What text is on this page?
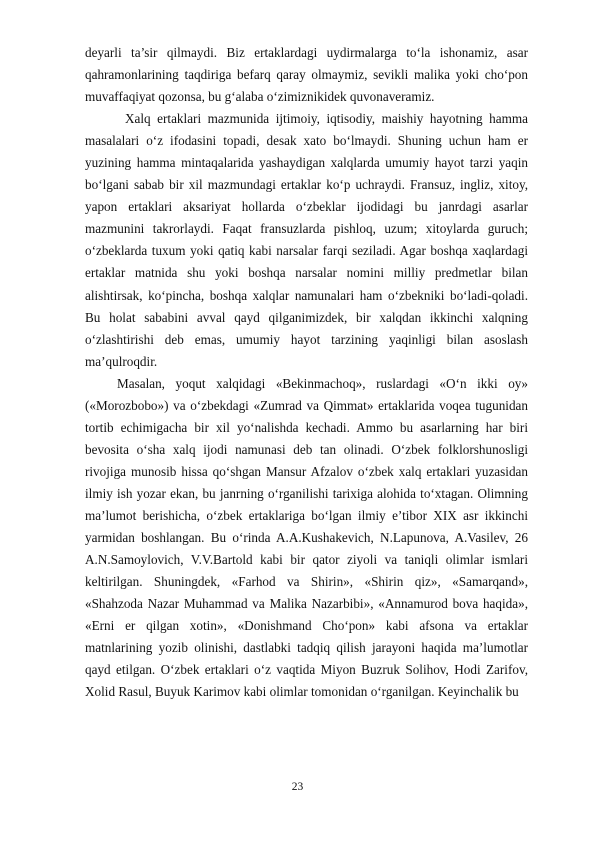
deyarli ta’sir qilmaydi. Biz ertaklardagi uydirmalarga to‘la ishonamiz, asar qahramonlarining taqdiriga befarq qaray olmaymiz, sevikli malika yoki cho‘pon muvaffaqiyat qozonsa, bu g‘alaba o‘zimiznikidek quvonaveramiz.

Xalq ertaklari mazmunida ijtimoiy, iqtisodiy, maishiy hayotning hamma masalalari o‘z ifodasini topadi, desak xato bo‘lmaydi. Shuning uchun ham er yuzining hamma mintaqalarida yashaydigan xalqlarda umumiy hayot tarzi yaqin bo‘lgani sabab bir xil mazmundagi ertaklar ko‘p uchraydi. Fransuz, ingliz, xitoy, yapon ertaklari aksariyat hollarda o‘zbeklar ijodidagi bu janrdagi asarlar mazmunini takrorlaydi. Faqat fransuzlarda pishloq, uzum; xitoylarda guruch; o‘zbeklarda tuxum yoki qatiq kabi narsalar farqi seziladi. Agar boshqa xaqlardagi ertaklar matnida shu yoki boshqa narsalar nomini milliy predmetlar bilan alishtirsak, ko‘pincha, boshqa xalqlar namunalari ham o‘zbekniki bo‘ladi-qoladi. Bu holat sababini avval qayd qilganimizdek, bir xalqdan ikkinchi xalqning o‘zlashtirishi deb emas, umumiy hayot tarzining yaqinligi bilan asoslash ma’qulroqdir.

Masalan, yoqut xalqidagi «Bekinmachoq», ruslardagi «O‘n ikki oy» («Morozbobo») va o‘zbekdagi «Zumrad va Qimmat» ertaklarida voqea tugunidan tortib echimigacha bir xil yo‘nalishda kechadi. Ammo bu asarlarning har biri bevosita o‘sha xalq ijodi namunasi deb tan olinadi. O‘zbek folklorshunosligi rivojiga munosib hissa qo‘shgan Mansur Afzalov o‘zbek xalq ertaklari yuzasidan ilmiy ish yozar ekan, bu janrning o‘rganilishi tarixiga alohida to‘xtagan. Olimning ma’lumot berishicha, o‘zbek ertaklariga bo‘lgan ilmiy e’tibor XIX asr ikkinchi yarmidan boshlangan. Bu o‘rinda A.A.Kushakevich, N.Lapunova, A.Vasilev, 26 A.N.Samoylovich, V.V.Bartold kabi bir qator ziyoli va taniqli olimlar ismlari keltirilgan. Shuningdek, «Farhod va Shirin», «Shirin qiz», «Samarqand», «Shahzoda Nazar Muhammad va Malika Nazarbibi», «Annamurod bova haqida», «Erni er qilgan xotin», «Donishmand Cho‘pon» kabi afsona va ertaklar matnlarining yozib olinishi, dastlabki tadqiq qilish jarayoni haqida ma’lumotlar qayd etilgan. O‘zbek ertaklari o‘z vaqtida Miyon Buzruk Solihov, Hodi Zarifov, Xolid Rasul, Buyuk Karimov kabi olimlar tomonidan o‘rganilgan. Keyinchalik bu

23
